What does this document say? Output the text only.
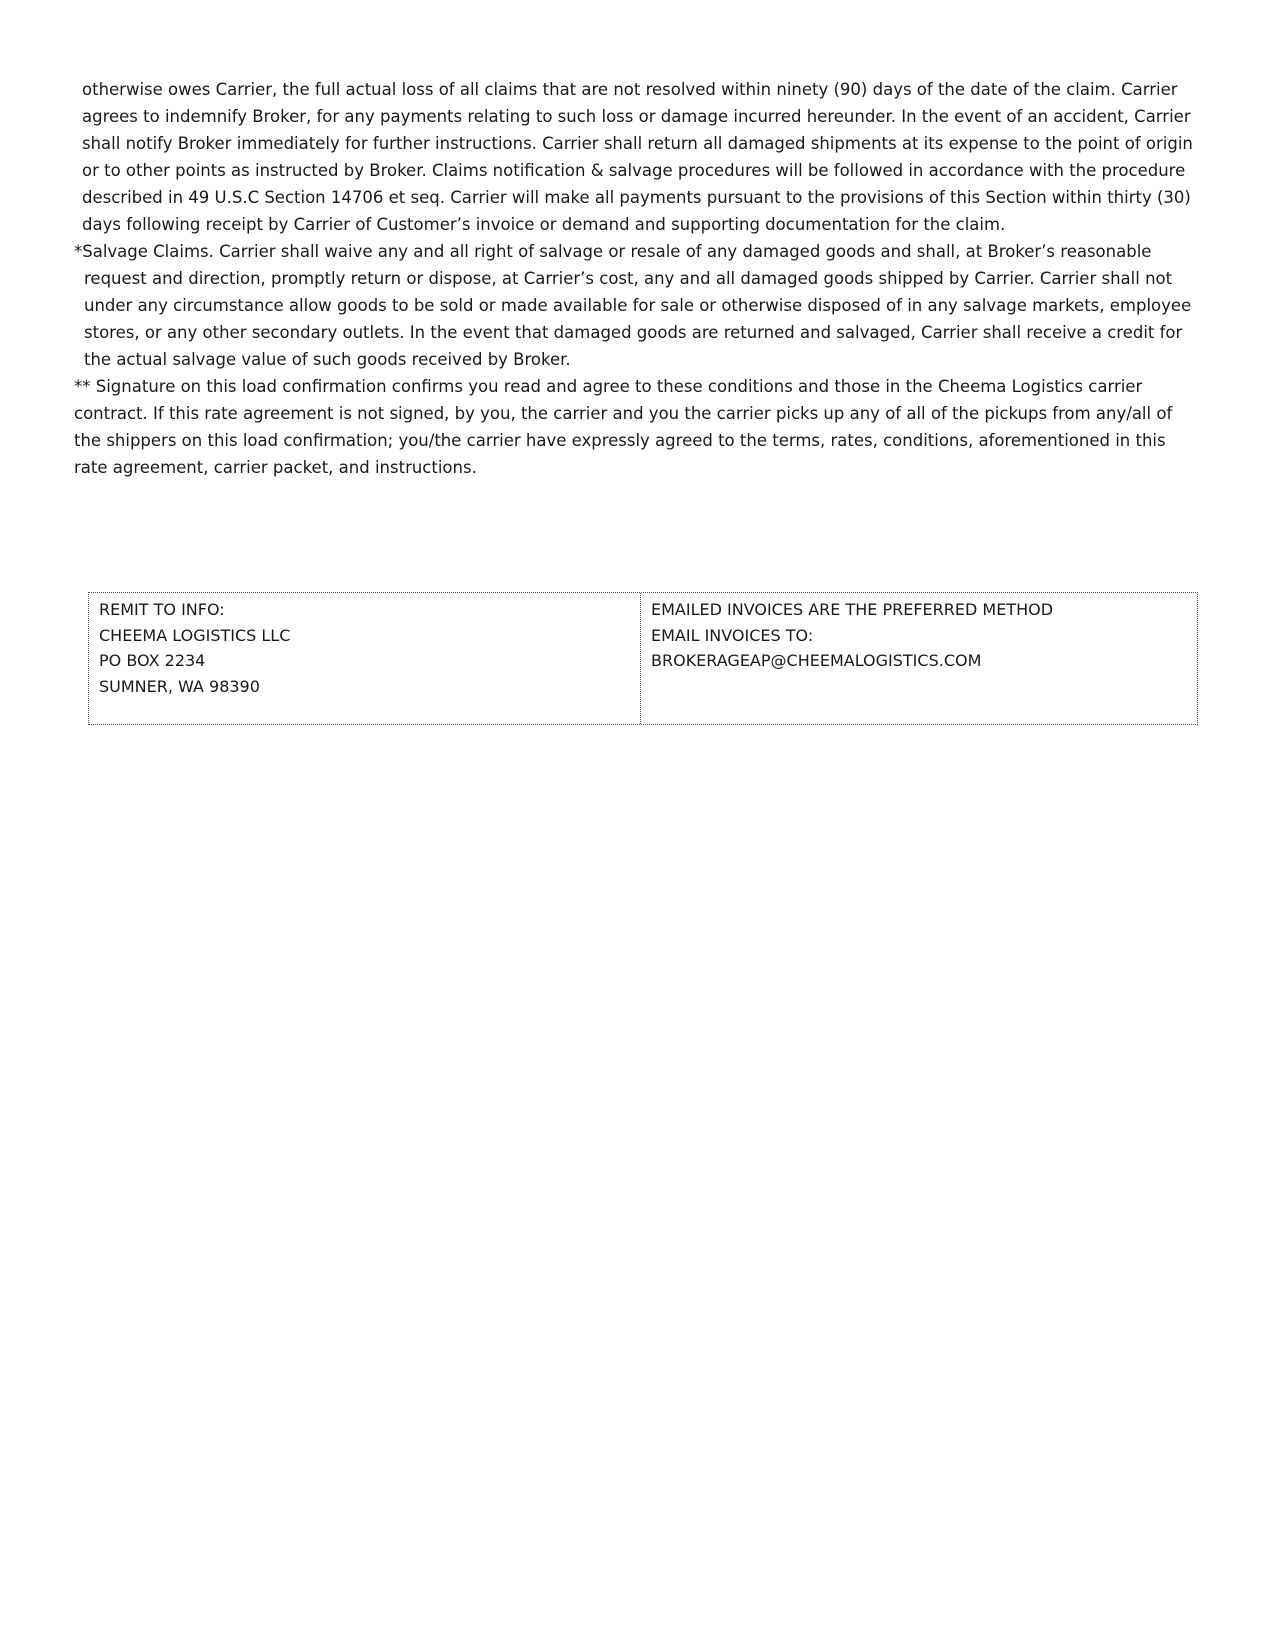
otherwise owes Carrier, the full actual loss of all claims that are not resolved within ninety (90) days of the date of the claim. Carrier agrees to indemnify Broker, for any payments relating to such loss or damage incurred hereunder. In the event of an accident, Carrier shall notify Broker immediately for further instructions. Carrier shall return all damaged shipments at its expense to the point of origin or to other points as instructed by Broker. Claims notification & salvage procedures will be followed in accordance with the procedure described in 49 U.S.C Section 14706 et seq. Carrier will make all payments pursuant to the provisions of this Section within thirty (30) days following receipt by Carrier of Customer’s invoice or demand and supporting documentation for the claim.

*Salvage Claims. Carrier shall waive any and all right of salvage or resale of any damaged goods and shall, at Broker’s reasonable request and direction, promptly return or dispose, at Carrier’s cost, any and all damaged goods shipped by Carrier. Carrier shall not under any circumstance allow goods to be sold or made available for sale or otherwise disposed of in any salvage markets, employee stores, or any other secondary outlets. In the event that damaged goods are returned and salvaged, Carrier shall receive a credit for the actual salvage value of such goods received by Broker.

** Signature on this load confirmation confirms you read and agree to these conditions and those in the Cheema Logistics carrier contract. If this rate agreement is not signed, by you, the carrier and you the carrier picks up any of all of the pickups from any/all of the shippers on this load confirmation; you/the carrier have expressly agreed to the terms, rates, conditions, aforementioned in this rate agreement, carrier packet, and instructions.

REMIT TO INFO:
CHEEMA LOGISTICS LLC
PO BOX 2234
SUMNER, WA 98390
EMAILED INVOICES ARE THE PREFERRED METHOD
EMAIL INVOICES TO:
BROKERAGEAP@CHEEMALOGISTICS.COM
